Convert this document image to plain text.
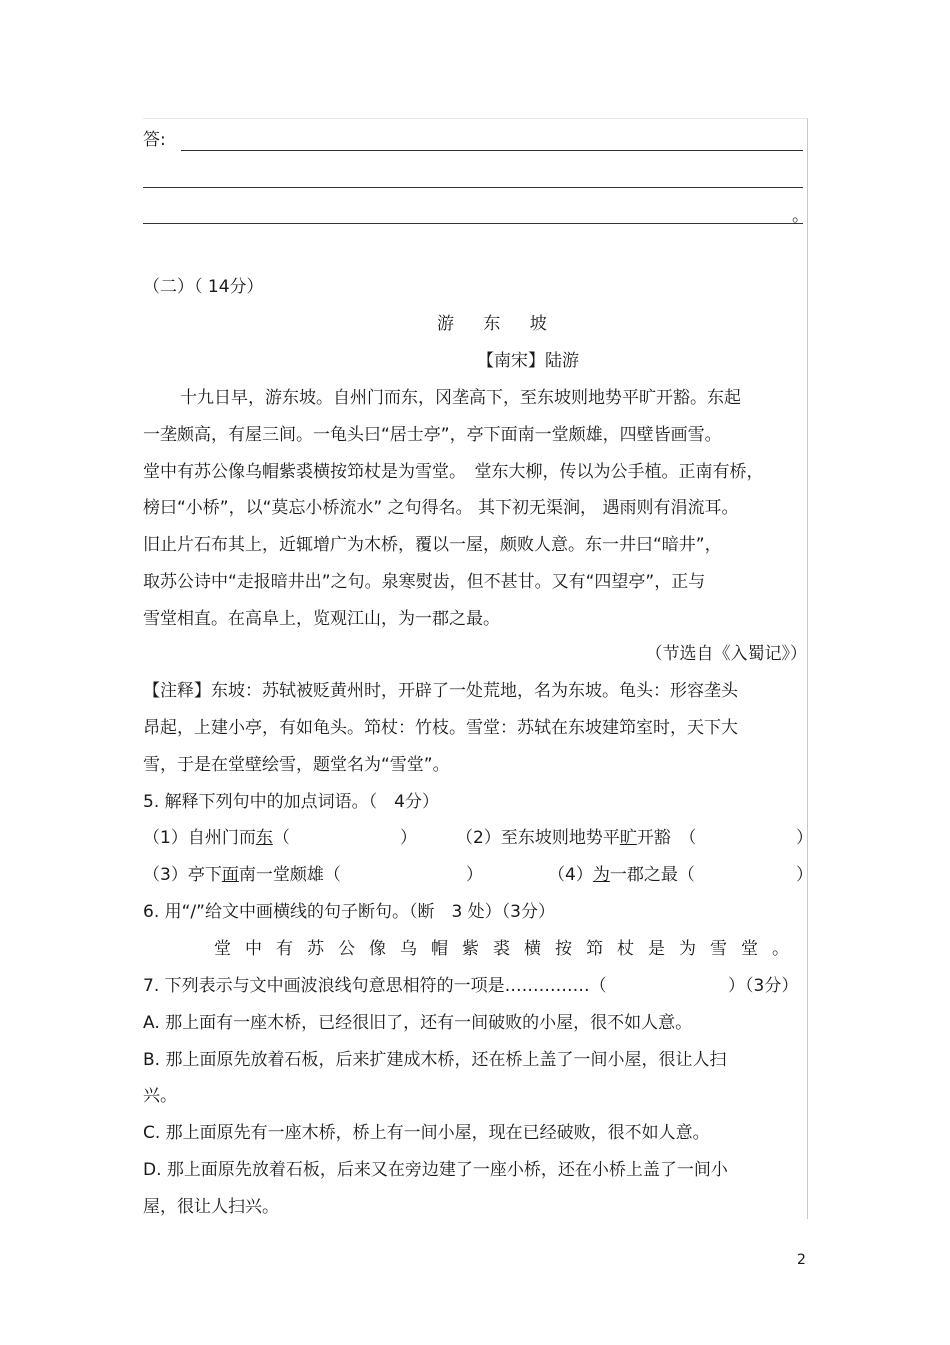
答:
。
（二）（ 14分）
游 东 坡
【南宋】陆游
十九日早，游东坡。自州门而东，冈垄高下，至东坡则地势平旷开豁。东起
一垄颇高，有屋三间。一龟头曰“居士亭”，亭下面南一堂颇雄，四壁皆画雪。
堂中有苏公像乌帽紫裘横按笻杖是为雪堂。　堂东大柳，传以为公手植。正南有桥，
榜曰“小桥”，以“莫忘小桥流水” 之句得名。 其下初无渠涧， 遇雨则有涓流耳。
旧止片石布其上，近辄增广为木桥，覆以一屋，颇败人意。东一井曰“暗井”，
取苏公诗中“走报暗井出”之句。泉寒熨齿，但不甚甘。又有“四望亭”，正与
雪堂相直。在高阜上，览观江山，为一郡之最。
（节选自《入蜀记》）
【注释】东坡：苏轼被贬黄州时，开辟了一处荒地，名为东坡。龟头：形容垄头
昂起，上建小亭，有如龟头。笻杖：竹枝。雪堂：苏轼在东坡建笻室时，天下大
雪，于是在堂壁绘雪，题堂名为“雪堂”。
5. 解释下列句中的加点词语。（　4分）
（1）自州门而东（	） （2）至东坡则地势平旷开豁　（	）
（3）亭下面南一堂颇雄（	）	（4）为一郡之最（	）
6. 用“/”给文中画横线的句子断句。（断　3 处）（3分）
堂中有苏公像乌帽紫裘横按笻杖是为雪堂。
7. 下列表示与文中画波浪线句意思相符的一项是……………（	）（3分）
A. 那上面有一座木桥，已经很旧了，还有一间破败的小屋，很不如人意。
B. 那上面原先放着石板，后来扩建成木桥，还在桥上盖了一间小屋，很让人扫
兴。
C. 那上面原先有一座木桥，桥上有一间小屋，现在已经破败，很不如人意。
D. 那上面原先放着石板，后来又在旁边建了一座小桥，还在小桥上盖了一间小
屋，很让人扫兴。
2
